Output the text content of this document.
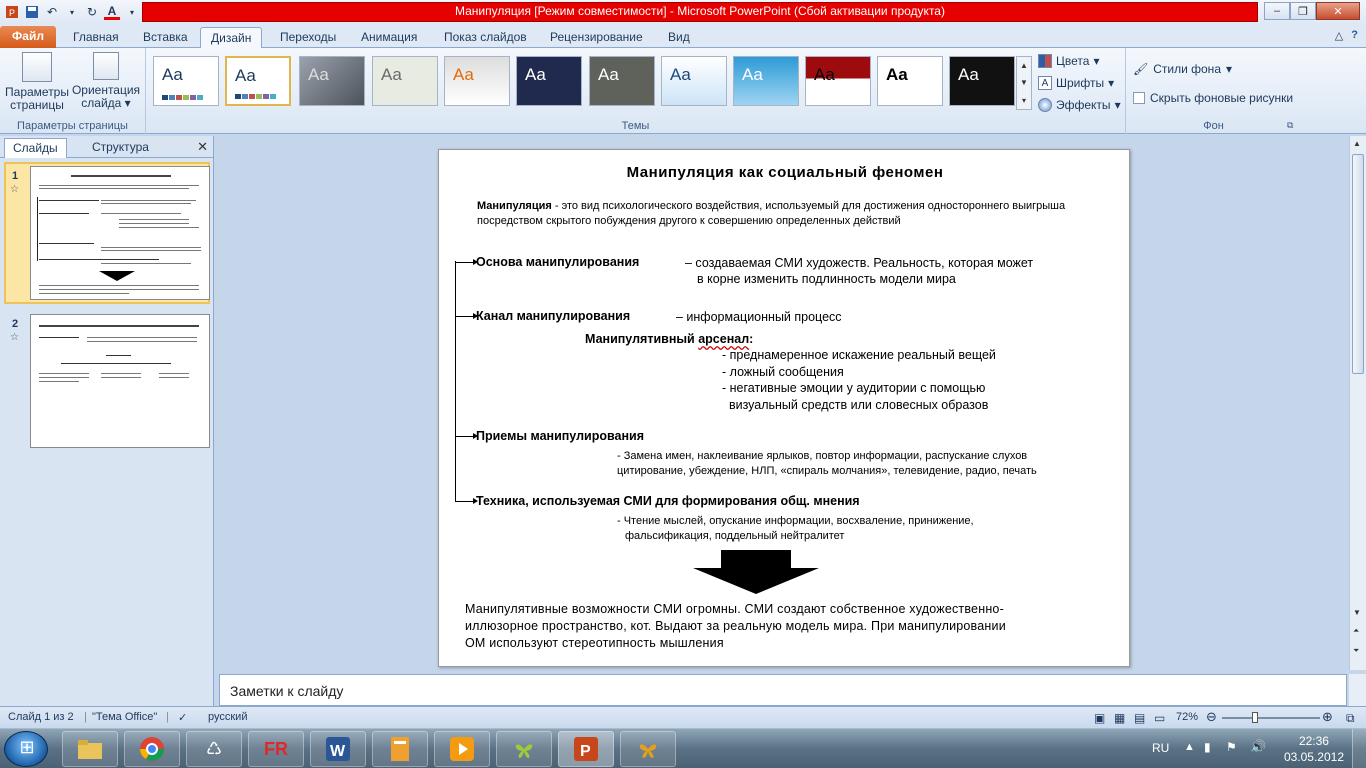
P	↶	▾	↻ A	▾	Манипуляция [Режим совместимости] - Microsoft PowerPoint (Сбой активации продукта)	–	❐	✕
Файл	Главная Вставка	Дизайн	Переходы Анимация Показ слайдов Рецензирование Вид	△ ?
Параметры страницы
Ориентация слайда ▾
Параметры страницы	Темы
Aa	Aa	Aa	Aa	Aa	Aa	Aa	Aa	Aa	Aa	Aa	Aa	▲
▼
▾
Цвета ▾
A Шрифты ▾
Эффекты ▾
Фон
🖌 Стили фона ▾
Скрыть фоновые рисунки
⧉
Слайды	Структура	✕
1
☆
2
☆
▲
▼
⏶
⏷
Манипуляция как социальный феномен
Манипуляция - это вид психологического воздействия, используемый для достижения одностороннего выигрыша посредством скрытого побуждения другого к совершению определенных действий
Основа манипулирования	– создаваемая СМИ художеств. Реальность, которая может
в корне изменить подлинность модели мира
Канал манипулирования	– информационный процесс
Манипулятивный арсенал:
- преднамеренное искажение реальный вещей
- ложный сообщения
- негативные эмоции у аудитории с помощью
визуальный средств или словесных образов
Приемы манипулирования
- Замена имен, наклеивание ярлыков, повтор информации, распускание слухов
цитирование, убеждение, НЛП, «спираль молчания», телевидение, радио, печать
Техника, используемая СМИ для формирования общ. мнения
- Чтение мыслей, опускание информации, восхваление, принижение,
фальсификация, поддельный нейтралитет
Манипулятивные возможности СМИ огромны. СМИ создают собственное художественно-
иллюзорное пространство, кот. Выдают за реальную модель мира. При манипулировании
ОМ используют стереотипность мышления
Заметки к слайду
Слайд 1 из 2 | "Тема Office" | ✓ русский	▣ ▦ ▤ ▭ 72% ⊖	⊕ ⧉
⊞
♺	FR	W	P	RU ▲ ▮ ⚑ 🔊	22:36
03.05.2012
